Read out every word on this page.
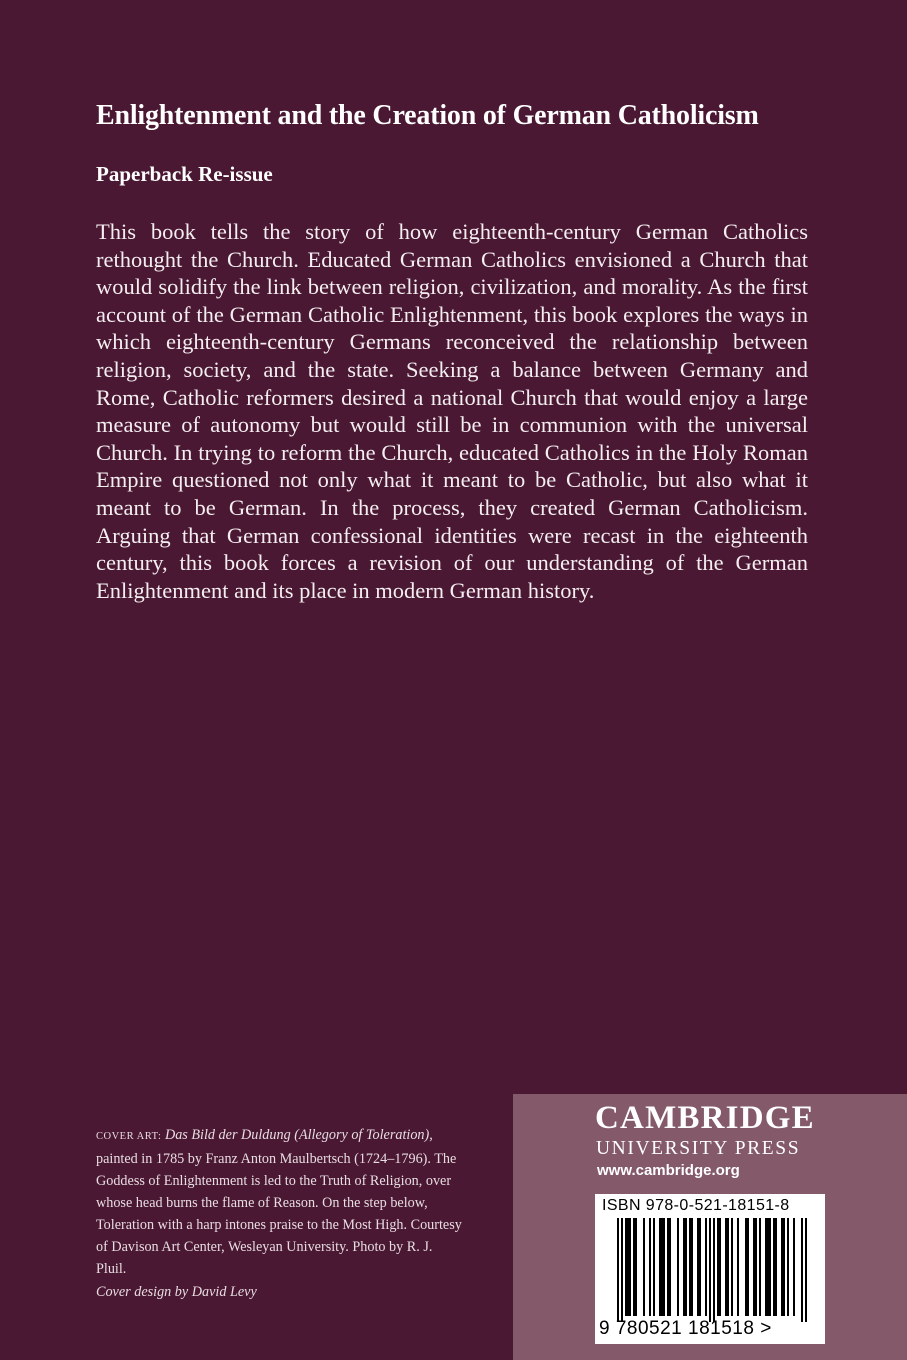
Enlightenment and the Creation of German Catholicism
Paperback Re-issue
This book tells the story of how eighteenth-century German Catholics rethought the Church. Educated German Catholics envisioned a Church that would solidify the link between religion, civilization, and morality. As the first account of the German Catholic Enlightenment, this book explores the ways in which eighteenth-century Germans reconceived the relationship between religion, society, and the state. Seeking a balance between Germany and Rome, Catholic reformers desired a national Church that would enjoy a large measure of autonomy but would still be in communion with the universal Church. In trying to reform the Church, educated Catholics in the Holy Roman Empire questioned not only what it meant to be Catholic, but also what it meant to be German. In the process, they created German Catholicism. Arguing that German confessional identities were recast in the eighteenth century, this book forces a revision of our understanding of the German Enlightenment and its place in modern German history.
COVER ART: Das Bild der Duldung (Allegory of Toleration), painted in 1785 by Franz Anton Maulbertsch (1724–1796). The Goddess of Enlightenment is led to the Truth of Religion, over whose head burns the flame of Reason. On the step below, Toleration with a harp intones praise to the Most High. Courtesy of Davison Art Center, Wesleyan University. Photo by R. J. Pluil.
Cover design by David Levy
CAMBRIDGE
UNIVERSITY PRESS
www.cambridge.org
ISBN 978-0-521-18151-8
9 780521 181518 >
